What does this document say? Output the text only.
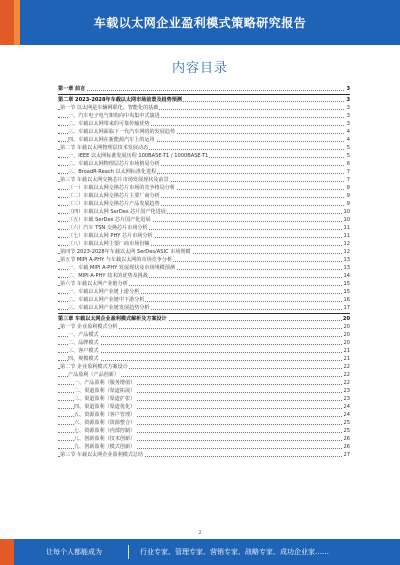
车载以太网企业盈利模式策略研究报告
内容目录
第一章 前言	3
第二章 2023-2028年车载以太网市场前景及趋势预测	3
第一节 以太网是车辆网联化、智能化的基础	3
一、汽车电子电气架构向中央集中式演进	3
二、车载以太网带来的可靠传输优势	3
三、车载以太网面临下一代汽车网络的发展趋势	4
四、车载以太网在新能源汽车上的运用	4
第二节 车载以太网物理层技术发展动态	5
一、IEEE 以太网标准发展历程 100BASE-T1 / 1000BASE-T1	5
二、车载以太网物理层芯片市场格局分析	6
三、BroadR-Reach 以太网标准化进程	7
第三节 车载以太网交换芯片市场发展现状及前景	7
（一）车载以太网交换芯片市场的竞争格局分析	8
（二）车载以太网交换芯片主要厂商分析	9
（三）车载以太网交换芯片产品发展趋势	9
（四）车载以太网 SerDes 芯片国产化进展	10
（五）车载 SerDes 芯片国产化进展	10
（六）汽车 TSN 交换芯片市场分析	11
（七）车载以太网 PHY 芯片市场分析	11
（八）车载以太网主要厂商市场份额	12
第四节 2023-2028年车载以太网 SerDes/ASIC 市场规模	12
第五节 MIPI A-PHY 与车载以太网的市场竞争分析	13
一、车载 MIPI A-PHY 发展现状及市场规模预测	13
二、MIPI A-PHY 技术的优势及挑战	14
第六节 车载以太网产业链分析	15
一、车载以太网产业链上游分析	15
二、车载以太网产业链中下游分析	16
三、车载以太网产业链发展趋势分析	17
第三章 车载以太网企业盈利模式解析及方案设计	20
第一节 企业盈利模式分析	20
一、产品模式	20
二、品牌模式	20
三、客户模式	21
四、规模模式	21
第二节 企业盈利模式方案设计	22
产品盈利（产品创新）	22
一、产品盈利（服务增值）	22
二、渠道盈利（渠道拓展）	23
三、渠道盈利（渠道扩张）	23
四、渠道盈利（渠道优化）	24
五、资源盈利（客户管理）	24
六、资源盈利（资源整合）	25
七、资源盈利（内部控制）	25
八、创新盈利（技术创新）	26
九、创新盈利（模式创新）	26
第三节 车载以太网企业盈利模式总结	27
2
让每个人都能成为	行业专家、管理专家、营销专家、战略专家、成功企业家……
